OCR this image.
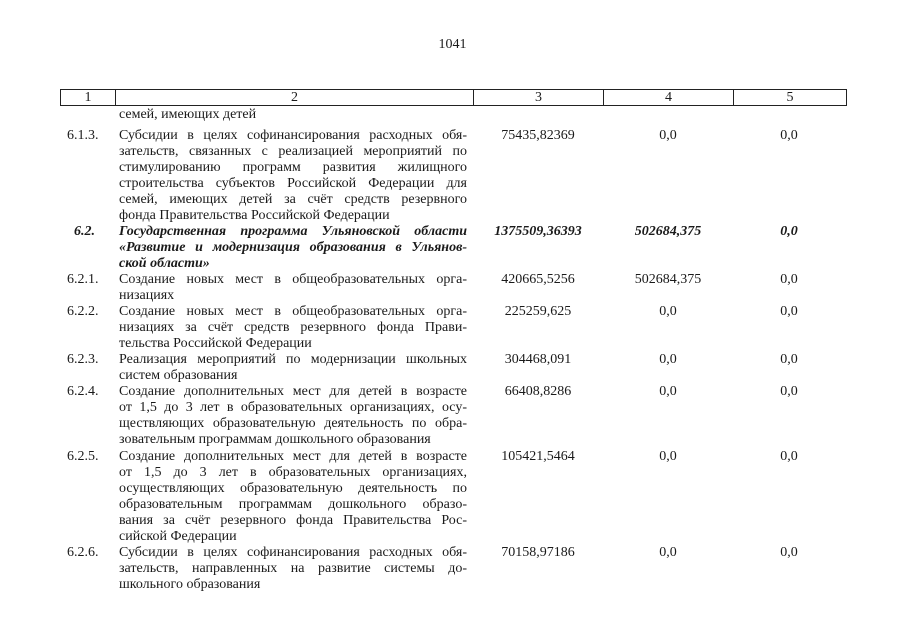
1041
1	2	3	4	5
семей, имеющих детей
6.1.3.	Субсидии в целях софинансирования расходных обя-
зательств, связанных с реализацией мероприятий по
стимулированию программ развития жилищного
строительства субъектов Российской Федерации для
семей, имеющих детей за счёт средств резервного
фонда Правительства Российской Федерации
75435,82369	0,0	0,0
6.2.	Государственная программа Ульяновской области
«Развитие и модернизация образования в Ульянов-
ской области»
1375509,36393	502684,375	0,0
6.2.1.	Создание новых мест в общеобразовательных орга-
низациях
420665,5256	502684,375	0,0
6.2.2.	Создание новых мест в общеобразовательных орга-
низациях за счёт средств резервного фонда Прави-
тельства Российской Федерации
225259,625	0,0	0,0
6.2.3.	Реализация мероприятий по модернизации школьных
систем образования
304468,091	0,0	0,0
6.2.4.	Создание дополнительных мест для детей в возрасте
от 1,5 до 3 лет в образовательных организациях, осу-
ществляющих образовательную деятельность по обра-
зовательным программам дошкольного образования
66408,8286	0,0	0,0
6.2.5.	Создание дополнительных мест для детей в возрасте
от 1,5 до 3 лет в образовательных организациях,
осуществляющих образовательную деятельность по
образовательным программам дошкольного образо-
вания за счёт резервного фонда Правительства Рос-
сийской Федерации
105421,5464	0,0	0,0
6.2.6.	Субсидии в целях софинансирования расходных обя-
зательств, направленных на развитие системы до-
школьного образования
70158,97186	0,0	0,0
